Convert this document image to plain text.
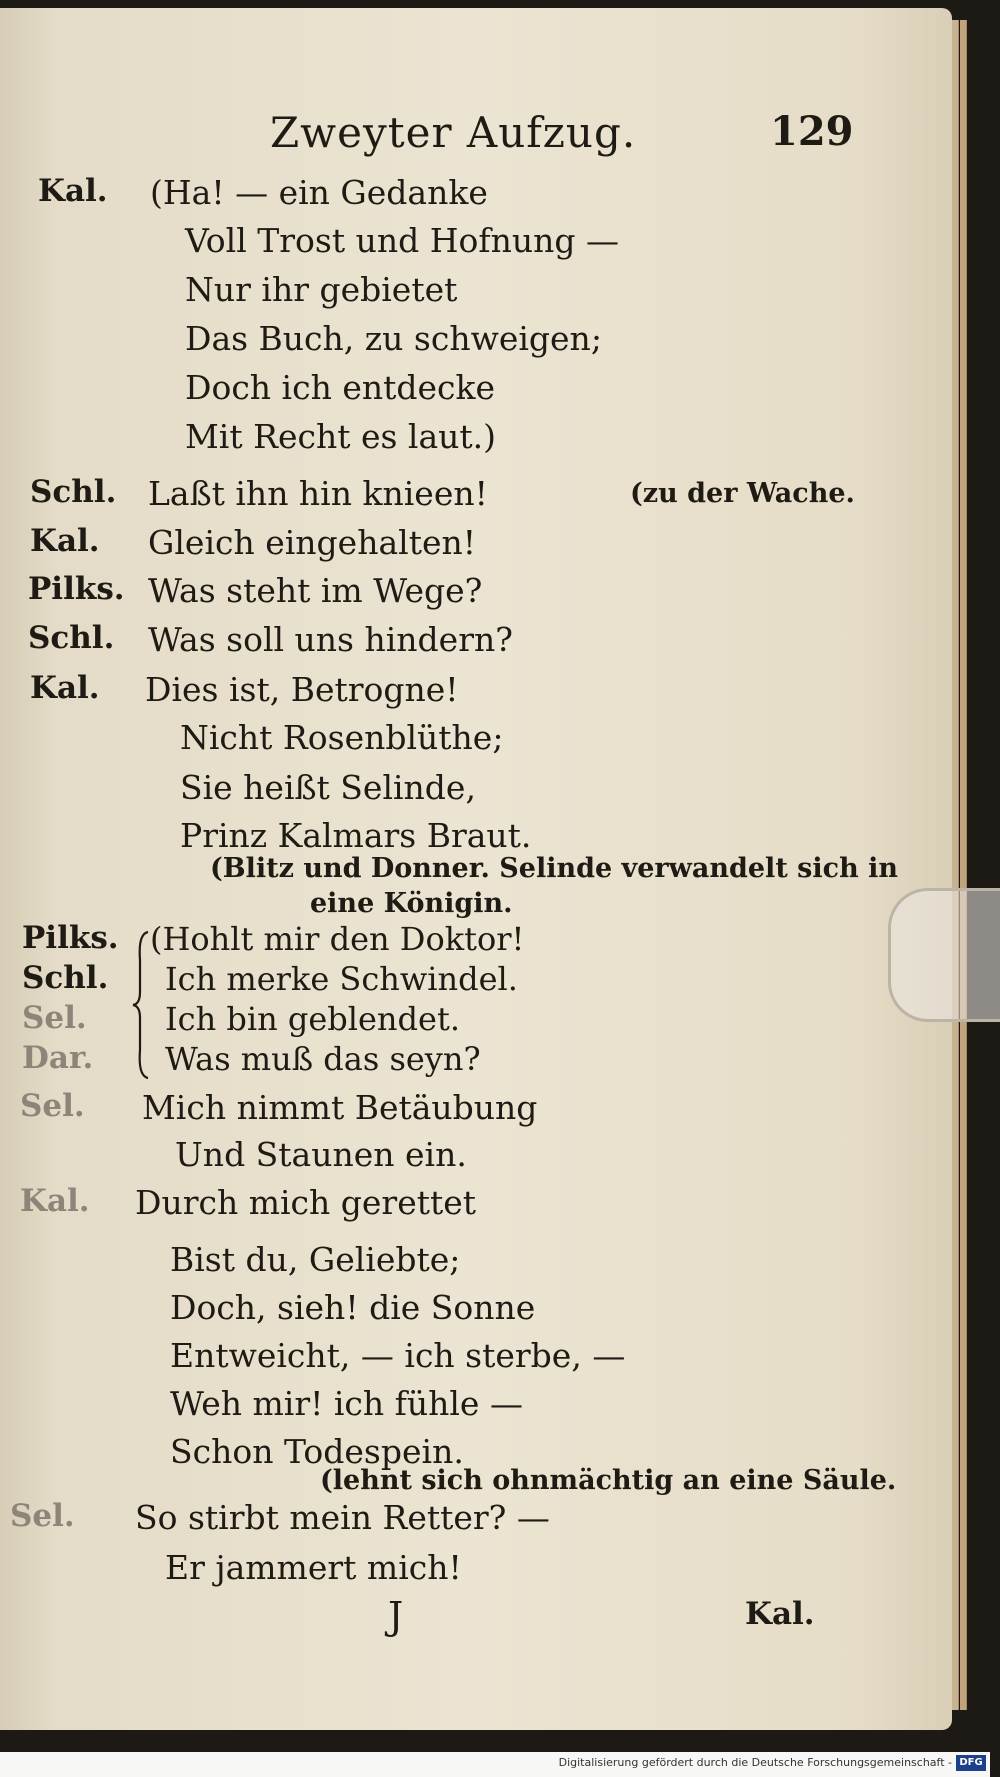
Zweyter Aufzug.	129
Kal.
Schl.
Kal.
Pilks.
Schl.
Kal.
Pilks.
Schl.
Sel.
Dar.
Sel.
Kal.
Sel.
(Ha! — ein Gedanke
Voll Trost und Hofnung —
Nur ihr gebietet
Das Buch, zu schweigen;
Doch ich entdecke
Mit Recht es laut.)
Laßt ihn hin knieen!
Gleich eingehalten!
Was steht im Wege?
Was soll uns hindern?
Dies ist, Betrogne!
Nicht Rosenblüthe;
Sie heißt Selinde,
Prinz Kalmars Braut.
(Hohlt mir den Doktor!
Ich merke Schwindel.
Ich bin geblendet.
Was muß das seyn?
Mich nimmt Betäubung
Und Staunen ein.
Durch mich gerettet
Bist du, Geliebte;
Doch, sieh! die Sonne
Entweicht, — ich sterbe, —
Weh mir! ich fühle —
Schon Todespein.
So stirbt mein Retter? —
Er jammert mich!
(zu der Wache.
(Blitz und Donner. Selinde verwandelt sich in
eine Königin.
(lehnt sich ohnmächtig an eine Säule.
J	Kal.
Digitalisierung gefördert durch die Deutsche Forschungsgemeinschaft - DFG
